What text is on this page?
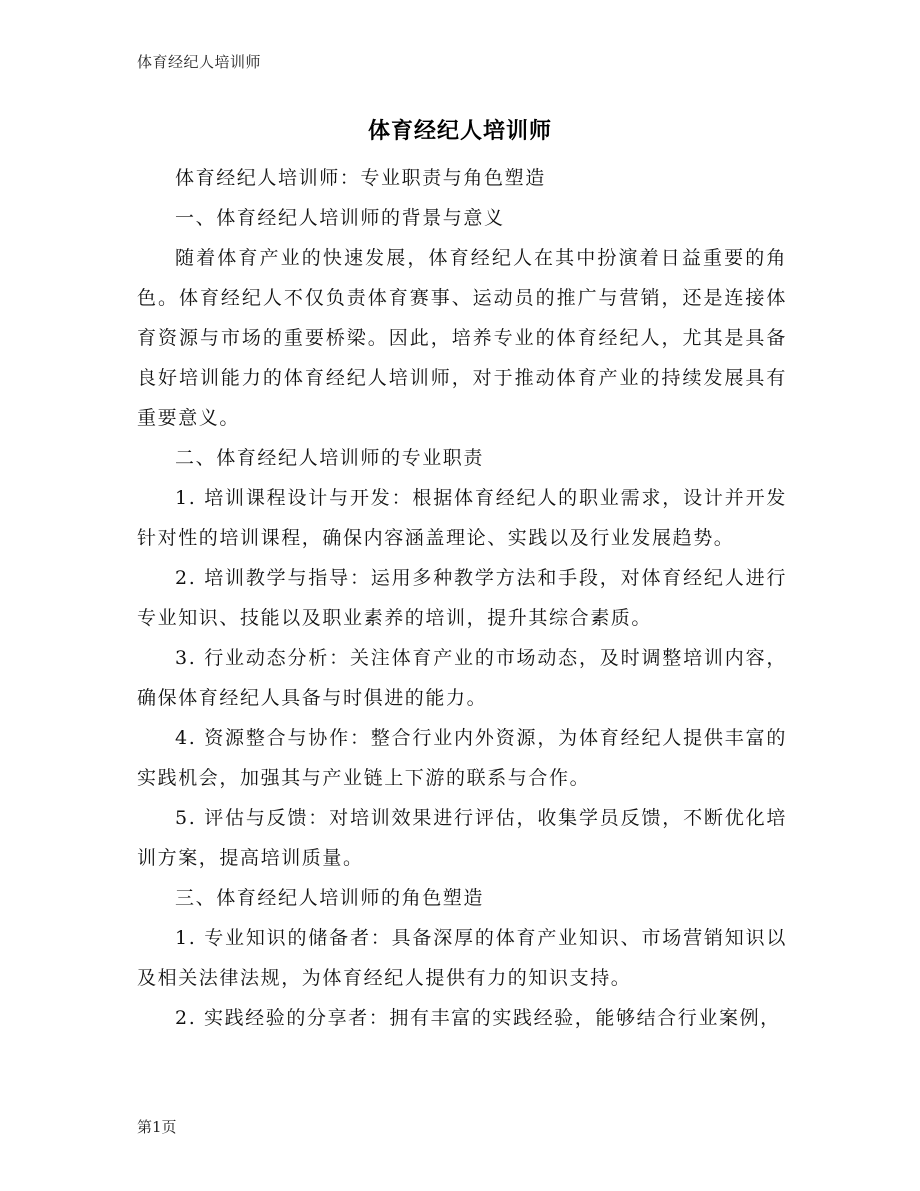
体育经纪人培训师
体育经纪人培训师

体育经纪人培训师：专业职责与角色塑造

一、体育经纪人培训师的背景与意义

随着体育产业的快速发展，体育经纪人在其中扮演着日益重要的角色。体育经纪人不仅负责体育赛事、运动员的推广与营销，还是连接体育资源与市场的重要桥梁。因此，培养专业的体育经纪人，尤其是具备良好培训能力的体育经纪人培训师，对于推动体育产业的持续发展具有重要意义。

二、体育经纪人培训师的专业职责

1. 培训课程设计与开发：根据体育经纪人的职业需求，设计并开发针对性的培训课程，确保内容涵盖理论、实践以及行业发展趋势。

2. 培训教学与指导：运用多种教学方法和手段，对体育经纪人进行专业知识、技能以及职业素养的培训，提升其综合素质。

3. 行业动态分析：关注体育产业的市场动态，及时调整培训内容，确保体育经纪人具备与时俱进的能力。

4. 资源整合与协作：整合行业内外资源，为体育经纪人提供丰富的实践机会，加强其与产业链上下游的联系与合作。

5. 评估与反馈：对培训效果进行评估，收集学员反馈，不断优化培训方案，提高培训质量。

三、体育经纪人培训师的角色塑造

1. 专业知识的储备者：具备深厚的体育产业知识、市场营销知识以及相关法律法规，为体育经纪人提供有力的知识支持。

2. 实践经验的分享者：拥有丰富的实践经验，能够结合行业案例，

第1页
